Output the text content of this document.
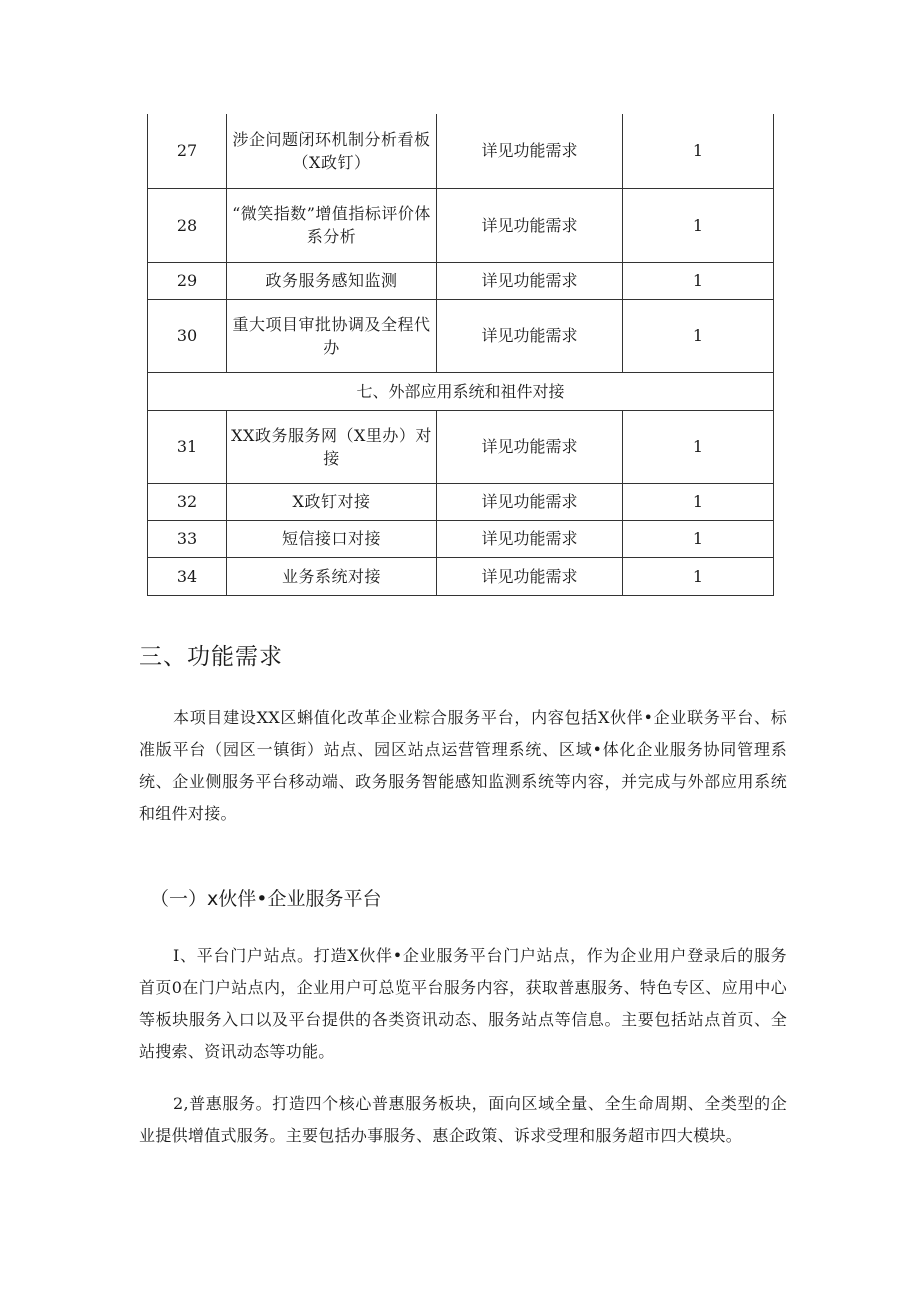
27	涉企问题闭环机制分析看板（X政钉）	详见功能需求	1
28	“微笑指数”增值指标评价体系分析	详见功能需求	1
29	政务服务感知监测	详见功能需求	1
30	重大项目审批协调及全程代办	详见功能需求	1
七、外部应用系统和祖件对接			
31	XX政务服务网（X里办）对接	详见功能需求	1
32	X政钉对接	详见功能需求	1
33	短信接口对接	详见功能需求	1
34	业务系统对接	详见功能需求	1
三、功能需求

本项目建设XX区蝌值化改革企业粽合服务平台，内容包括X伙伴•企业联务平台、标准版平台（园区一镇街）站点、园区站点运营管理系统、区域•体化企业服务协同管理系统、企业侧服务平台移动端、政务服务智能感知监测系统等内容，并完成与外部应用系统和组件对接。

（一）x伙伴•企业服务平台

I、平台门户站点。打造X伙伴•企业服务平台门户站点，作为企业用户登录后的服务首页0在门户站点内，企业用户可总览平台服务内容，获取普惠服务、特色专区、应用中心等板块服务入口以及平台提供的各类资讯动态、服务站点等信息。主要包括站点首页、全站搜索、资讯动态等功能。

2,普惠服务。打造四个核心普惠服务板块，面向区域全量、全生命周期、全类型的企业提供增值式服务。主要包括办事服务、惠企政策、诉求受理和服务超市四大模块。
